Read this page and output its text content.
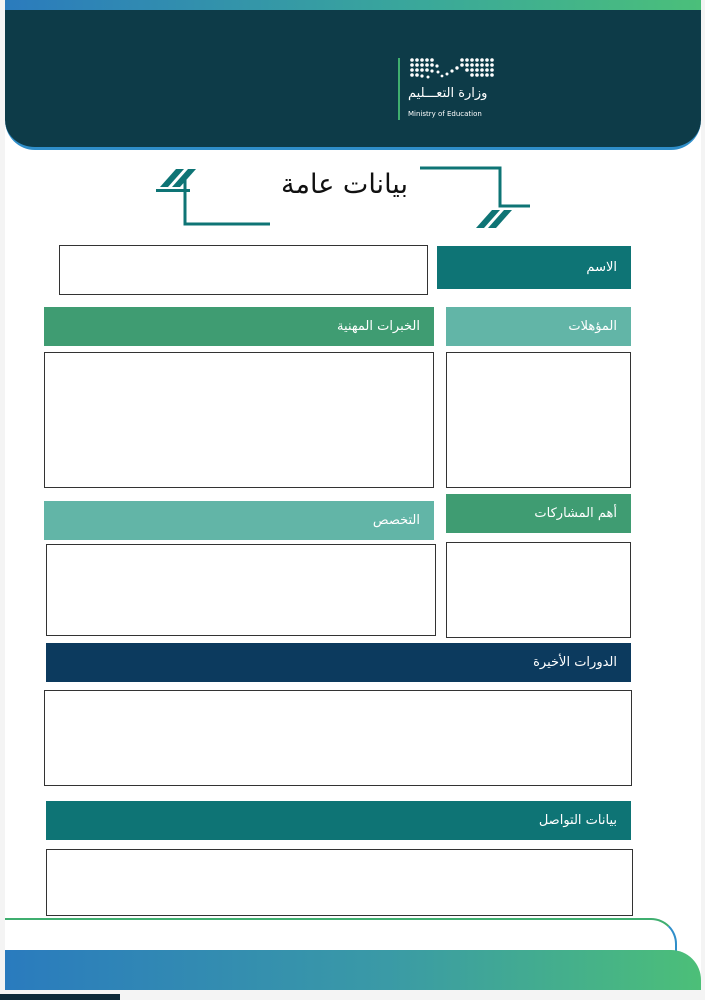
وزارة التعـــليم
Ministry of Education
بيانات عامة
الاسم
الخبرات المهنية	المؤهلات
التخصص	أهم المشاركات
الدورات الأخيرة
بيانات التواصل
